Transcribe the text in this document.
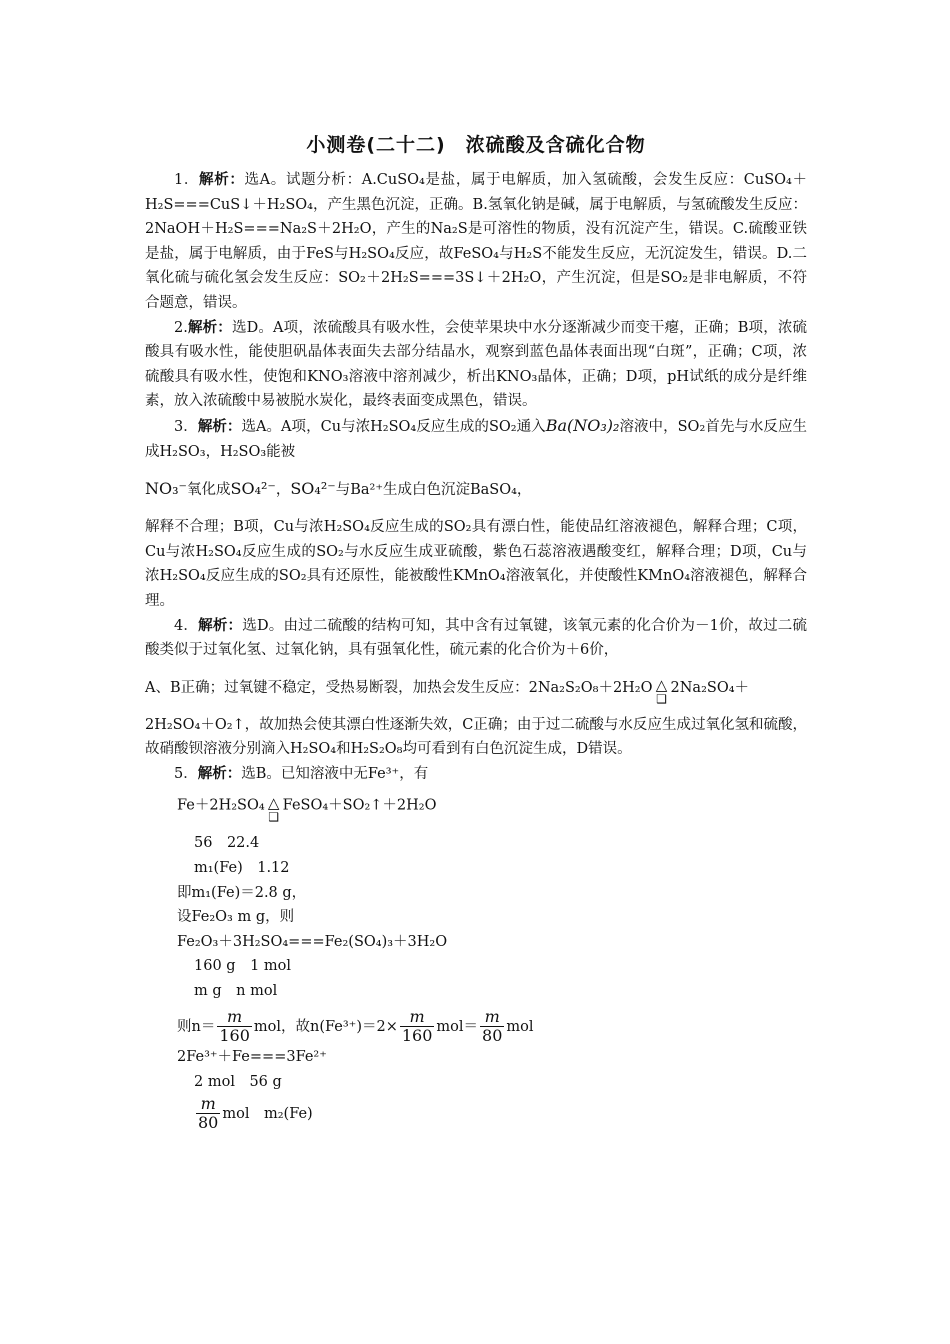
小测卷(二十二)　浓硫酸及含硫化合物

1．解析：选A。试题分析：A.CuSO₄是盐，属于电解质，加入氢硫酸，会发生反应：CuSO₄＋H₂S===CuS↓＋H₂SO₄，产生黑色沉淀，正确。B.氢氧化钠是碱，属于电解质，与氢硫酸发生反应：2NaOH＋H₂S===Na₂S＋2H₂O，产生的Na₂S是可溶性的物质，没有沉淀产生，错误。C.硫酸亚铁是盐，属于电解质，由于FeS与H₂SO₄反应，故FeSO₄与H₂S不能发生反应，无沉淀发生，错误。D.二氧化硫与硫化氢会发生反应：SO₂＋2H₂S===3S↓＋2H₂O，产生沉淀，但是SO₂是非电解质，不符合题意，错误。

2.解析：选D。A项，浓硫酸具有吸水性，会使苹果块中水分逐渐减少而变干瘪，正确；B项，浓硫酸具有吸水性，能使胆矾晶体表面失去部分结晶水，观察到蓝色晶体表面出现“白斑”，正确；C项，浓硫酸具有吸水性，使饱和KNO₃溶液中溶剂减少，析出KNO₃晶体，正确；D项，pH试纸的成分是纤维素，放入浓硫酸中易被脱水炭化，最终表面变成黑色，错误。

3．解析：选A。A项，Cu与浓H₂SO₄反应生成的SO₂通入Ba(NO₃)₂溶液中，SO₂首先与水反应生成H₂SO₃，H₂SO₃能被

NO₃⁻氧化成SO₄²⁻，SO₄²⁻与Ba²⁺生成白色沉淀BaSO₄，

解释不合理；B项，Cu与浓H₂SO₄反应生成的SO₂具有漂白性，能使品红溶液褪色，解释合理；C项，Cu与浓H₂SO₄反应生成的SO₂与水反应生成亚硫酸，紫色石蕊溶液遇酸变红，解释合理；D项，Cu与浓H₂SO₄反应生成的SO₂具有还原性，能被酸性KMnO₄溶液氧化，并使酸性KMnO₄溶液褪色，解释合理。

4．解析：选D。由过二硫酸的结构可知，其中含有过氧键，该氧元素的化合价为－1价，故过二硫酸类似于过氧化氢、过氧化钠，具有强氧化性，硫元素的化合价为＋6价，

A、B正确；过氧键不稳定，受热易断裂，加热会发生反应：2Na₂S₂O₈＋2H₂O △
❑
2Na₂SO₄＋

2H₂SO₄＋O₂↑，故加热会使其漂白性逐渐失效，C正确；由于过二硫酸与水反应生成过氧化氢和硫酸，故硝酸钡溶液分别滴入H₂SO₄和H₂S₂O₈均可看到有白色沉淀生成，D错误。

5．解析：选B。已知溶液中无Fe³⁺，有

Fe＋2H₂SO₄ △
❑
FeSO₄＋SO₂↑＋2H₂O

56　22.4

m₁(Fe)　1.12

即m₁(Fe)＝2.8 g，

设Fe₂O₃ m g，则

Fe₂O₃＋3H₂SO₄===Fe₂(SO₄)₃＋3H₂O

160 g　1 mol

m g　n mol

则$n= \frac{m}{160}$ mol，故$n(Fe^{3+})=2\times \frac{m}{160} mol= \frac{m}{80}$ mol

2Fe³⁺＋Fe===3Fe²⁺

2 mol　56 g

$\frac{m}{80}$ mol　m₂(Fe)
